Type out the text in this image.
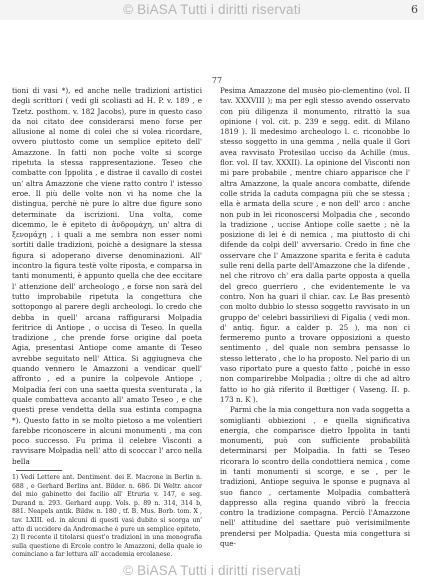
© BiASA Tutti i diritti riservati	6
77

tioni di vasi *), ed anche nelle tradizioni artistici degli scrittori ( vedi gli scoliasti ad H. P. v. 189 , e Tzetz. posthom. v. 182 Jacobs), pure in questo caso da noi citato dee considerarsi meno forse per allusione al nome di colei che si volea ricordare, ovvero piuttosto come un semplice epiteto dell' Amazzone. In fatti non poche volte si scorge ripetuta la stessa rappresentazione. Teseo che combatte con Ippolita , e distrae il cavallo di costei un' altra Amazzone che viene ratto contro l' istesso eroe. Il più delle volte non vi ha nome che la distingua, perchè nè pure lo altre due figure sono determinate da iscrizioni. Una volta, come dicemmo, le è epiteto di ἀνδρομάχη, un' altra di ξενομάχη , i quali a me sembra non esser nomi sortiti dalle tradizioni, poichè a designare la stessa figura si adoperano diverse denominazioni. All' incontro la figura testè volte riposta, e comparsa in tanti monumenti, è appunto quella che dee eccitare l' attenzione dell' archeologo , e forse non sarà del tutto improbabile ripetuta la congettura che sottopongo al parere degli archeologi. Io credo che debba in quell' arcana raffigurarsi Molpadia feritrice di Antiope , o uccisa di Teseo. In quella tradizione , che prende forse origine dal poeta Agia, presentasi Antiope come amante di Teseo avrebbe seguitato nell' Attica. Si aggiugneva che quando vennero le Amazzoni a vendicar quell' affronto , ed a punire la colpevole Antiope , Molpadia feri con una saetta questa sventurata , la quale combatteva accanto all' amato Teseo , e che questi prese vendetta della sua estinta compagna *). Questo fatto in se molto pietoso a me volentieri farebbe riconoscere in alcuni monumenti , ma con poco successo. Fu prima il celebre Visconti a ravvisare Molpadia nell' atto di scoccar l' arco nella bella

1) Vedi Lettere ant. Dentiment. dei E. Macrone in Berlin n. 688 , e Gerhard Berlins ant. Bilder. n. 686. Di Weltr. ancor del mio gabinetto dei facilio all' Etruria v. 147, e seg. Durand n. 293. Gerhard aupp. Vols. p. 89 n. 314, 314 b, 881. Neapels antik. Bildw. n. 180 , tf. B. Mus. Borb. tom. X , tav. LXIII. ed. in alcuni di questi vasi dubito si scorga un' atto di uccidere da Andromache è pure un semplice epiteto.

2) Il recente il titolarsi quest'o tradizioni in una monografia sulla questione di Ercole contro le Amazzoni, della quale io cominciano a far lettura all' accademia ercolanese.

Pesima Amazzone del musèo pio-clementino (vol. II tav. XXXVIII ); ma per egli stesso avendo osservato con più diligenza il monumento, ritrattò la sua opinione ( vol. cit. p. 239 e segg. edit. di Milano 1819 ). Il medesimo archeologo l. c. riconobbe lo stesso soggetto in una gemma , nella quale il Gori avea ravvisato Protesilao ucciso da Achille (mus. flor. vol. II tav. XXXII). La opinione del Visconti non mi pare probabile , mentre chiaro apparisce che l' altra Amazzone, la quale ancora combatte, difende colle strida la caduta compagna più che se stessa ; ella è armata della scure , e non dell' arco : anche non pub in lei riconoscersi Molpadia che , secondo la tradizione , uccise Antiope colle saette ; nè la posizione di lei è di nemica , ma piuttosto di chi difende da colpi dell' avversario. Credo in fine che osservare che l' Amazzone sparita e ferita è caduta sulle reni della parte dell'Amazzone che la difende , nel che ritrovo ch' era dalla parte opposta a quella del greco guerriero , che evidentemente le va contro. Non ha guari il chiar. cav. Le Bas presentò con molto dubbio lo stesso soggetto ravvisato in un gruppo de' celebri bassirilievi di Figalia ( vedi mon. d' antiq. figur. a calder p. 25 ), ma non ci fermeremo punto a trovare opposizioni a questo sentimento , del quale non sembra pensasse lo stesso letterato , che lo ha proposto. Nel pario di un vaso riportato pure a questo fatto , poichè in esso non comparirebbe Molpadia ; oltre di che ad altro fatto io ho già riferito il Bœttiger ( Vaseng. II. p. 173 n. K ).

Parmi che la mia congettura non vada soggetta a somiglianti obbiezioni , e quella significativa energia, che comparisce dietro Ippolita in tanti monumenti, può con sufficiente probabilità determinarsi per Molpadia. In fatti se Teseo ricorara lo scontro della condottiera nemica , come in tanti monumenti si scorge, e se , per le tradizioni, Antiope seguiva le sponse e pugnava al suo fianco , certamente Molpadia combatterà dappresso alla regina quando vibrò la freccia contro la tradizione compagna. Perciò l'Amazzone nell' attitudine del saettare può verisimilmente prendersi per Molpadia. Questa mia congettura si que-

© BiASA Tutti i diritti riservati
